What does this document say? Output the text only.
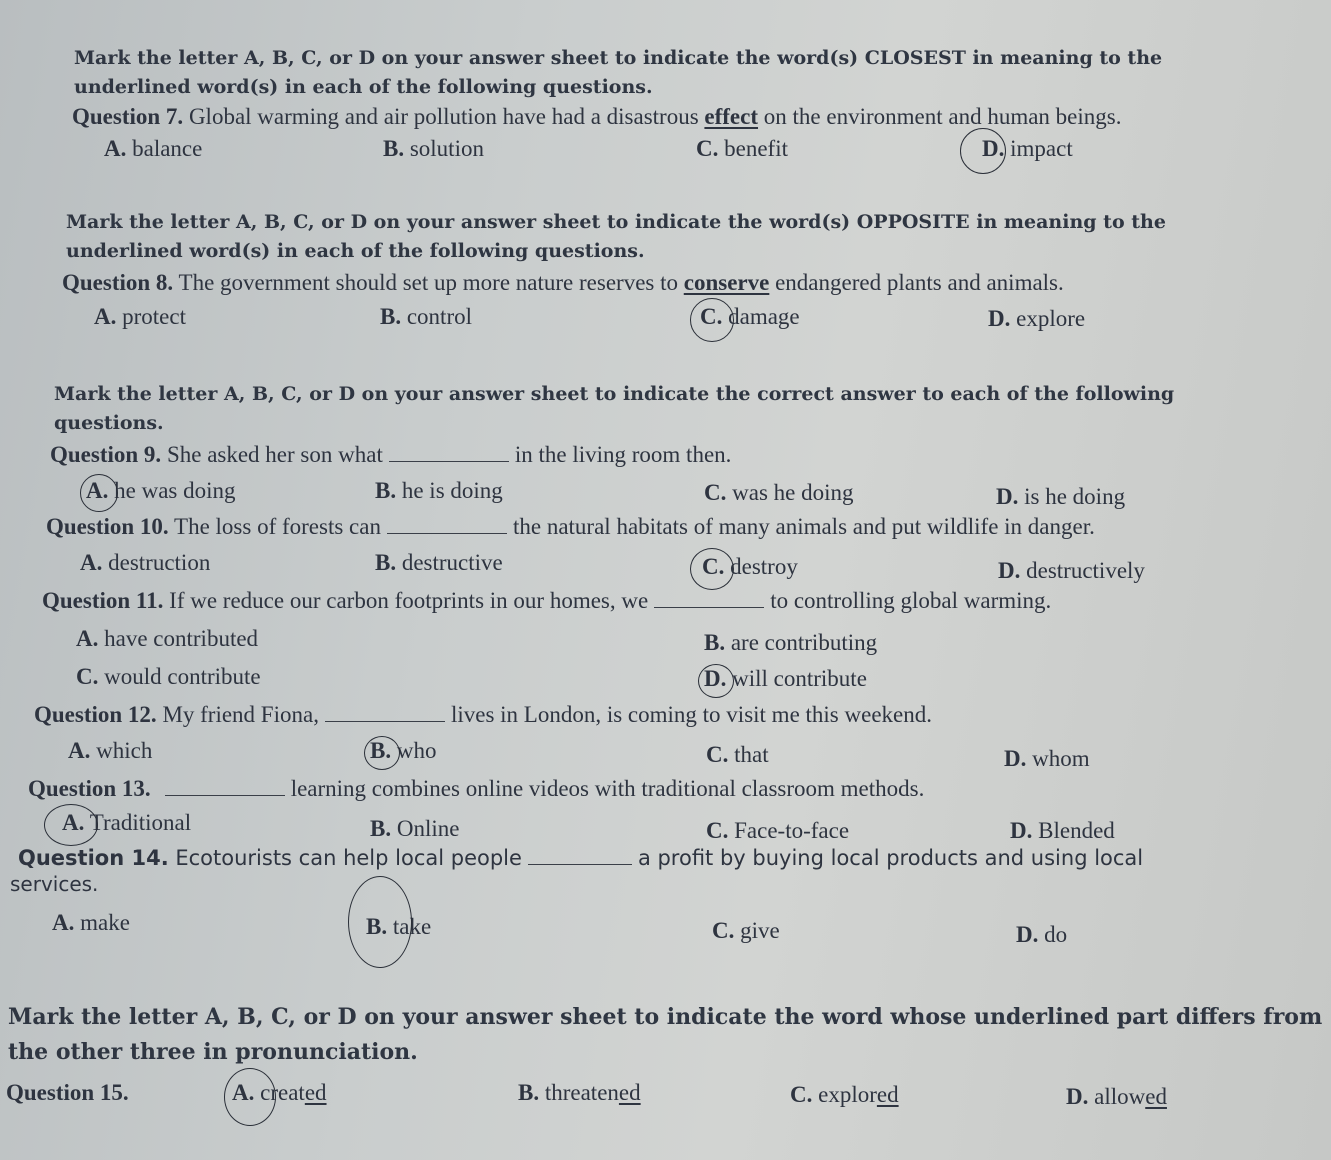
Mark the letter A, B, C, or D on your answer sheet to indicate the word(s) CLOSEST in meaning to the underlined word(s) in each of the following questions.
Question 7. Global warming and air pollution have had a disastrous effect on the environment and human beings.
A. balance	B. solution	C. benefit	D. impact
Mark the letter A, B, C, or D on your answer sheet to indicate the word(s) OPPOSITE in meaning to the underlined word(s) in each of the following questions.
Question 8. The government should set up more nature reserves to conserve endangered plants and animals.
A. protect	B. control	C. damage	D. explore
Mark the letter A, B, C, or D on your answer sheet to indicate the correct answer to each of the following questions.
Question 9. She asked her son what	in the living room then.
A. he was doing	B. he is doing	C. was he doing	D. is he doing
Question 10. The loss of forests can	the natural habitats of many animals and put wildlife in danger.
A. destruction	B. destructive	C. destroy	D. destructively
Question 11. If we reduce our carbon footprints in our homes, we	to controlling global warming.
A. have contributed	B. are contributing
C. would contribute	D. will contribute
Question 12. My friend Fiona,	lives in London, is coming to visit me this weekend.
A. which	B. who	C. that	D. whom
Question 13.	learning combines online videos with traditional classroom methods.
A. Traditional	B. Online	C. Face-to-face	D. Blended
Question 14. Ecotourists can help local people	a profit by buying local products and using local
services.
A. make	B. take	C. give	D. do
Mark the letter A, B, C, or D on your answer sheet to indicate the word whose underlined part differs from the other three in pronunciation.
Question 15.	A. created	B. threatened	C. explored	D. allowed
